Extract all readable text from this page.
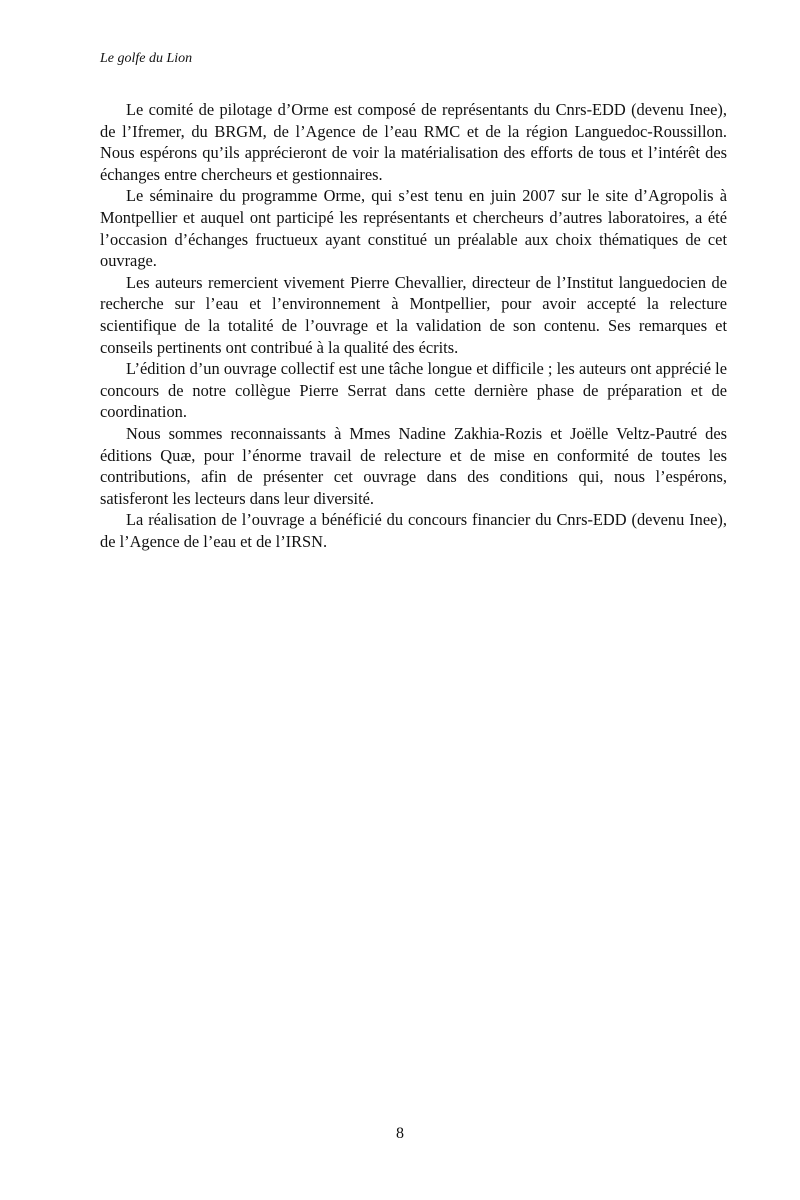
Le golfe du Lion

Le comité de pilotage d’Orme est composé de représentants du Cnrs-EDD (devenu Inee), de l’Ifremer, du BRGM, de l’Agence de l’eau RMC et de la région Languedoc-Roussillon. Nous espérons qu’ils apprécieront de voir la matérialisation des efforts de tous et l’intérêt des échanges entre chercheurs et gestionnaires.

Le séminaire du programme Orme, qui s’est tenu en juin 2007 sur le site d’Agropolis à Montpellier et auquel ont participé les représentants et chercheurs d’autres laboratoires, a été l’occasion d’échanges fructueux ayant constitué un préalable aux choix thématiques de cet ouvrage.

Les auteurs remercient vivement Pierre Chevallier, directeur de l’Institut languedocien de recherche sur l’eau et l’environnement à Montpellier, pour avoir accepté la relecture scientifique de la totalité de l’ouvrage et la validation de son contenu. Ses remarques et conseils pertinents ont contribué à la qualité des écrits.

L’édition d’un ouvrage collectif est une tâche longue et difficile ; les auteurs ont apprécié le concours de notre collègue Pierre Serrat dans cette dernière phase de préparation et de coordination.

Nous sommes reconnaissants à Mmes Nadine Zakhia-Rozis et Joëlle Veltz-Pautré des éditions Quæ, pour l’énorme travail de relecture et de mise en conformité de toutes les contributions, afin de présenter cet ouvrage dans des conditions qui, nous l’espérons, satisferont les lecteurs dans leur diversité.

La réalisation de l’ouvrage a bénéficié du concours financier du Cnrs-EDD (devenu Inee), de l’Agence de l’eau et de l’IRSN.

8
